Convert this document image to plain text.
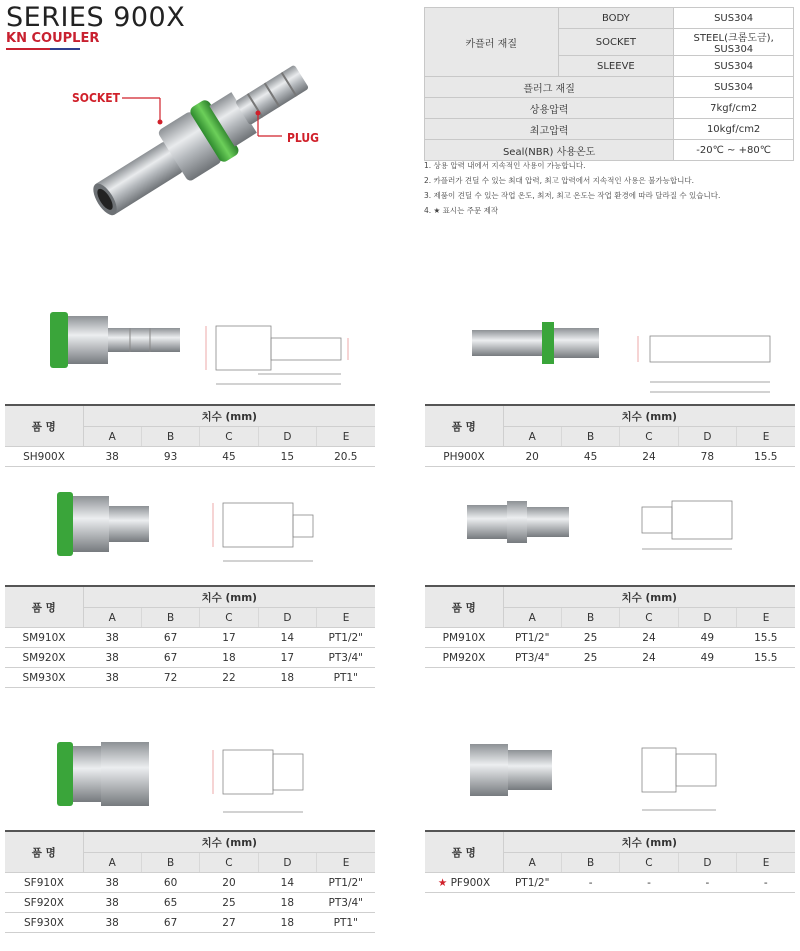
SERIES 900X
KN COUPLER
SOCKET
PLUG
카플러 재질	BODY	SUS304
	SOCKET	STEEL(크롬도금), SUS304
	SLEEVE	SUS304
플러그 재질		SUS304
상용압력		7kgf/cm2
최고압력		10kgf/cm2
Seal(NBR) 사용온도		-20℃ ~ +80℃
1. 상용 압력 내에서 지속적인 사용이 가능합니다.
2. 카플러가 견딜 수 있는 최대 압력, 최고 압력에서 지속적인 사용은 불가능합니다.
3. 제품이 견딜 수 있는 작업 온도, 최저, 최고 온도는 작업 환경에 따라 달라질 수 있습니다.
4. ★ 표시는 주문 제작
품 명	치수 (mm)				
	A	B	C	D	E
SH900X	38	93	45	15	20.5
품 명	치수 (mm)				
	A	B	C	D	E
PH900X	20	45	24	78	15.5
품 명	치수 (mm)				
	A	B	C	D	E
SM910X	38	67	17	14	PT1/2"
SM920X	38	67	18	17	PT3/4"
SM930X	38	72	22	18	PT1"
품 명	치수 (mm)				
	A	B	C	D	E
PM910X	PT1/2"	25	24	49	15.5
PM920X	PT3/4"	25	24	49	15.5
품 명	치수 (mm)				
	A	B	C	D	E
SF910X	38	60	20	14	PT1/2"
SF920X	38	65	25	18	PT3/4"
SF930X	38	67	27	18	PT1"
품 명	치수 (mm)				
	A	B	C	D	E
★ PF900X	PT1/2"	-	-	-	-
